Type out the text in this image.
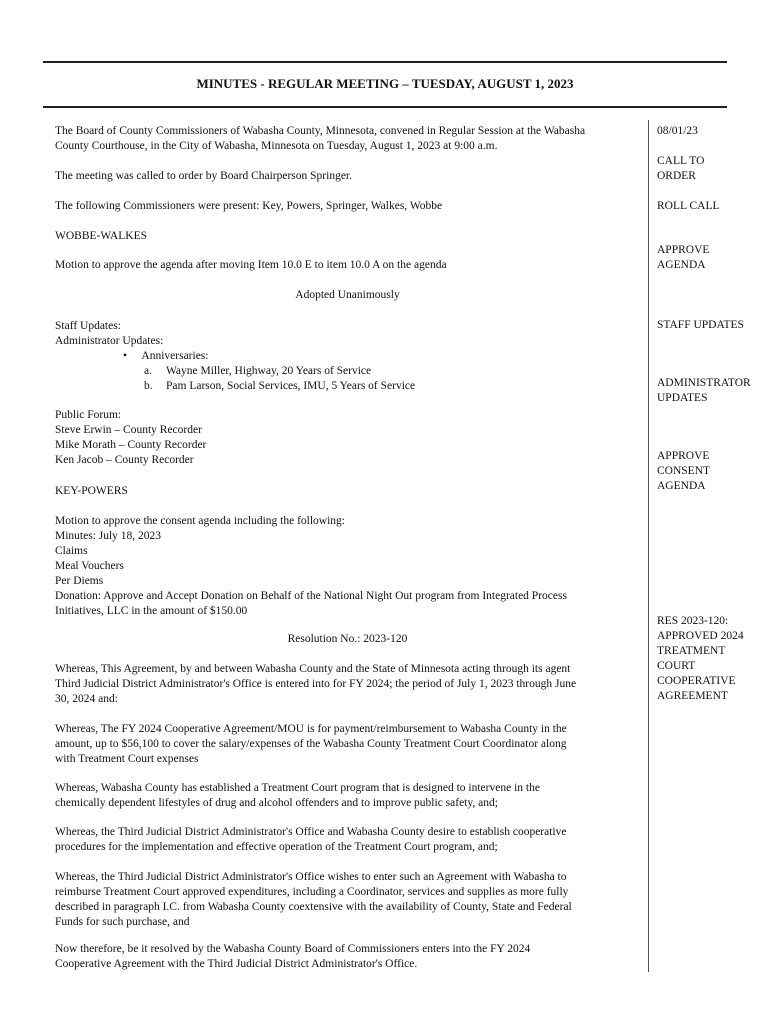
MINUTES - REGULAR MEETING – TUESDAY, AUGUST 1, 2023
The Board of County Commissioners of Wabasha County, Minnesota, convened in Regular Session at the Wabasha
County Courthouse, in the City of Wabasha, Minnesota on Tuesday, August 1, 2023 at 9:00 a.m.
The meeting was called to order by Board Chairperson Springer.
The following Commissioners were present: Key, Powers, Springer, Walkes, Wobbe
WOBBE-WALKES
Motion to approve the agenda after moving Item 10.0 E to item 10.0 A on the agenda
Adopted Unanimously
Staff Updates:
Administrator Updates:
• Anniversaries:
a. Wayne Miller, Highway, 20 Years of Service
b. Pam Larson, Social Services, IMU, 5 Years of Service
Public Forum:
Steve Erwin – County Recorder
Mike Morath – County Recorder
Ken Jacob – County Recorder
KEY-POWERS
Motion to approve the consent agenda including the following:
Minutes: July 18, 2023
Claims
Meal Vouchers
Per Diems
Donation: Approve and Accept Donation on Behalf of the National Night Out program from Integrated Process
Initiatives, LLC in the amount of $150.00
Resolution No.: 2023-120
Whereas, This Agreement, by and between Wabasha County and the State of Minnesota acting through its agent
Third Judicial District Administrator's Office is entered into for FY 2024; the period of July 1, 2023 through June
30, 2024 and:
Whereas, The FY 2024 Cooperative Agreement/MOU is for payment/reimbursement to Wabasha County in the
amount, up to $56,100 to cover the salary/expenses of the Wabasha County Treatment Court Coordinator along
with Treatment Court expenses
Whereas, Wabasha County has established a Treatment Court program that is designed to intervene in the
chemically dependent lifestyles of drug and alcohol offenders and to improve public safety, and;
Whereas, the Third Judicial District Administrator's Office and Wabasha County desire to establish cooperative
procedures for the implementation and effective operation of the Treatment Court program, and;
Whereas, the Third Judicial District Administrator's Office wishes to enter such an Agreement with Wabasha to
reimburse Treatment Court approved expenditures, including a Coordinator, services and supplies as more fully
described in paragraph I.C. from Wabasha County coextensive with the availability of County, State and Federal
Funds for such purchase, and
Now therefore, be it resolved by the Wabasha County Board of Commissioners enters into the FY 2024
Cooperative Agreement with the Third Judicial District Administrator's Office.
08/01/23
CALL TO
ORDER
ROLL CALL
APPROVE
AGENDA
STAFF UPDATES
ADMINISTRATOR
UPDATES
APPROVE
CONSENT
AGENDA
RES 2023-120:
APPROVED 2024
TREATMENT
COURT
COOPERATIVE
AGREEMENT
